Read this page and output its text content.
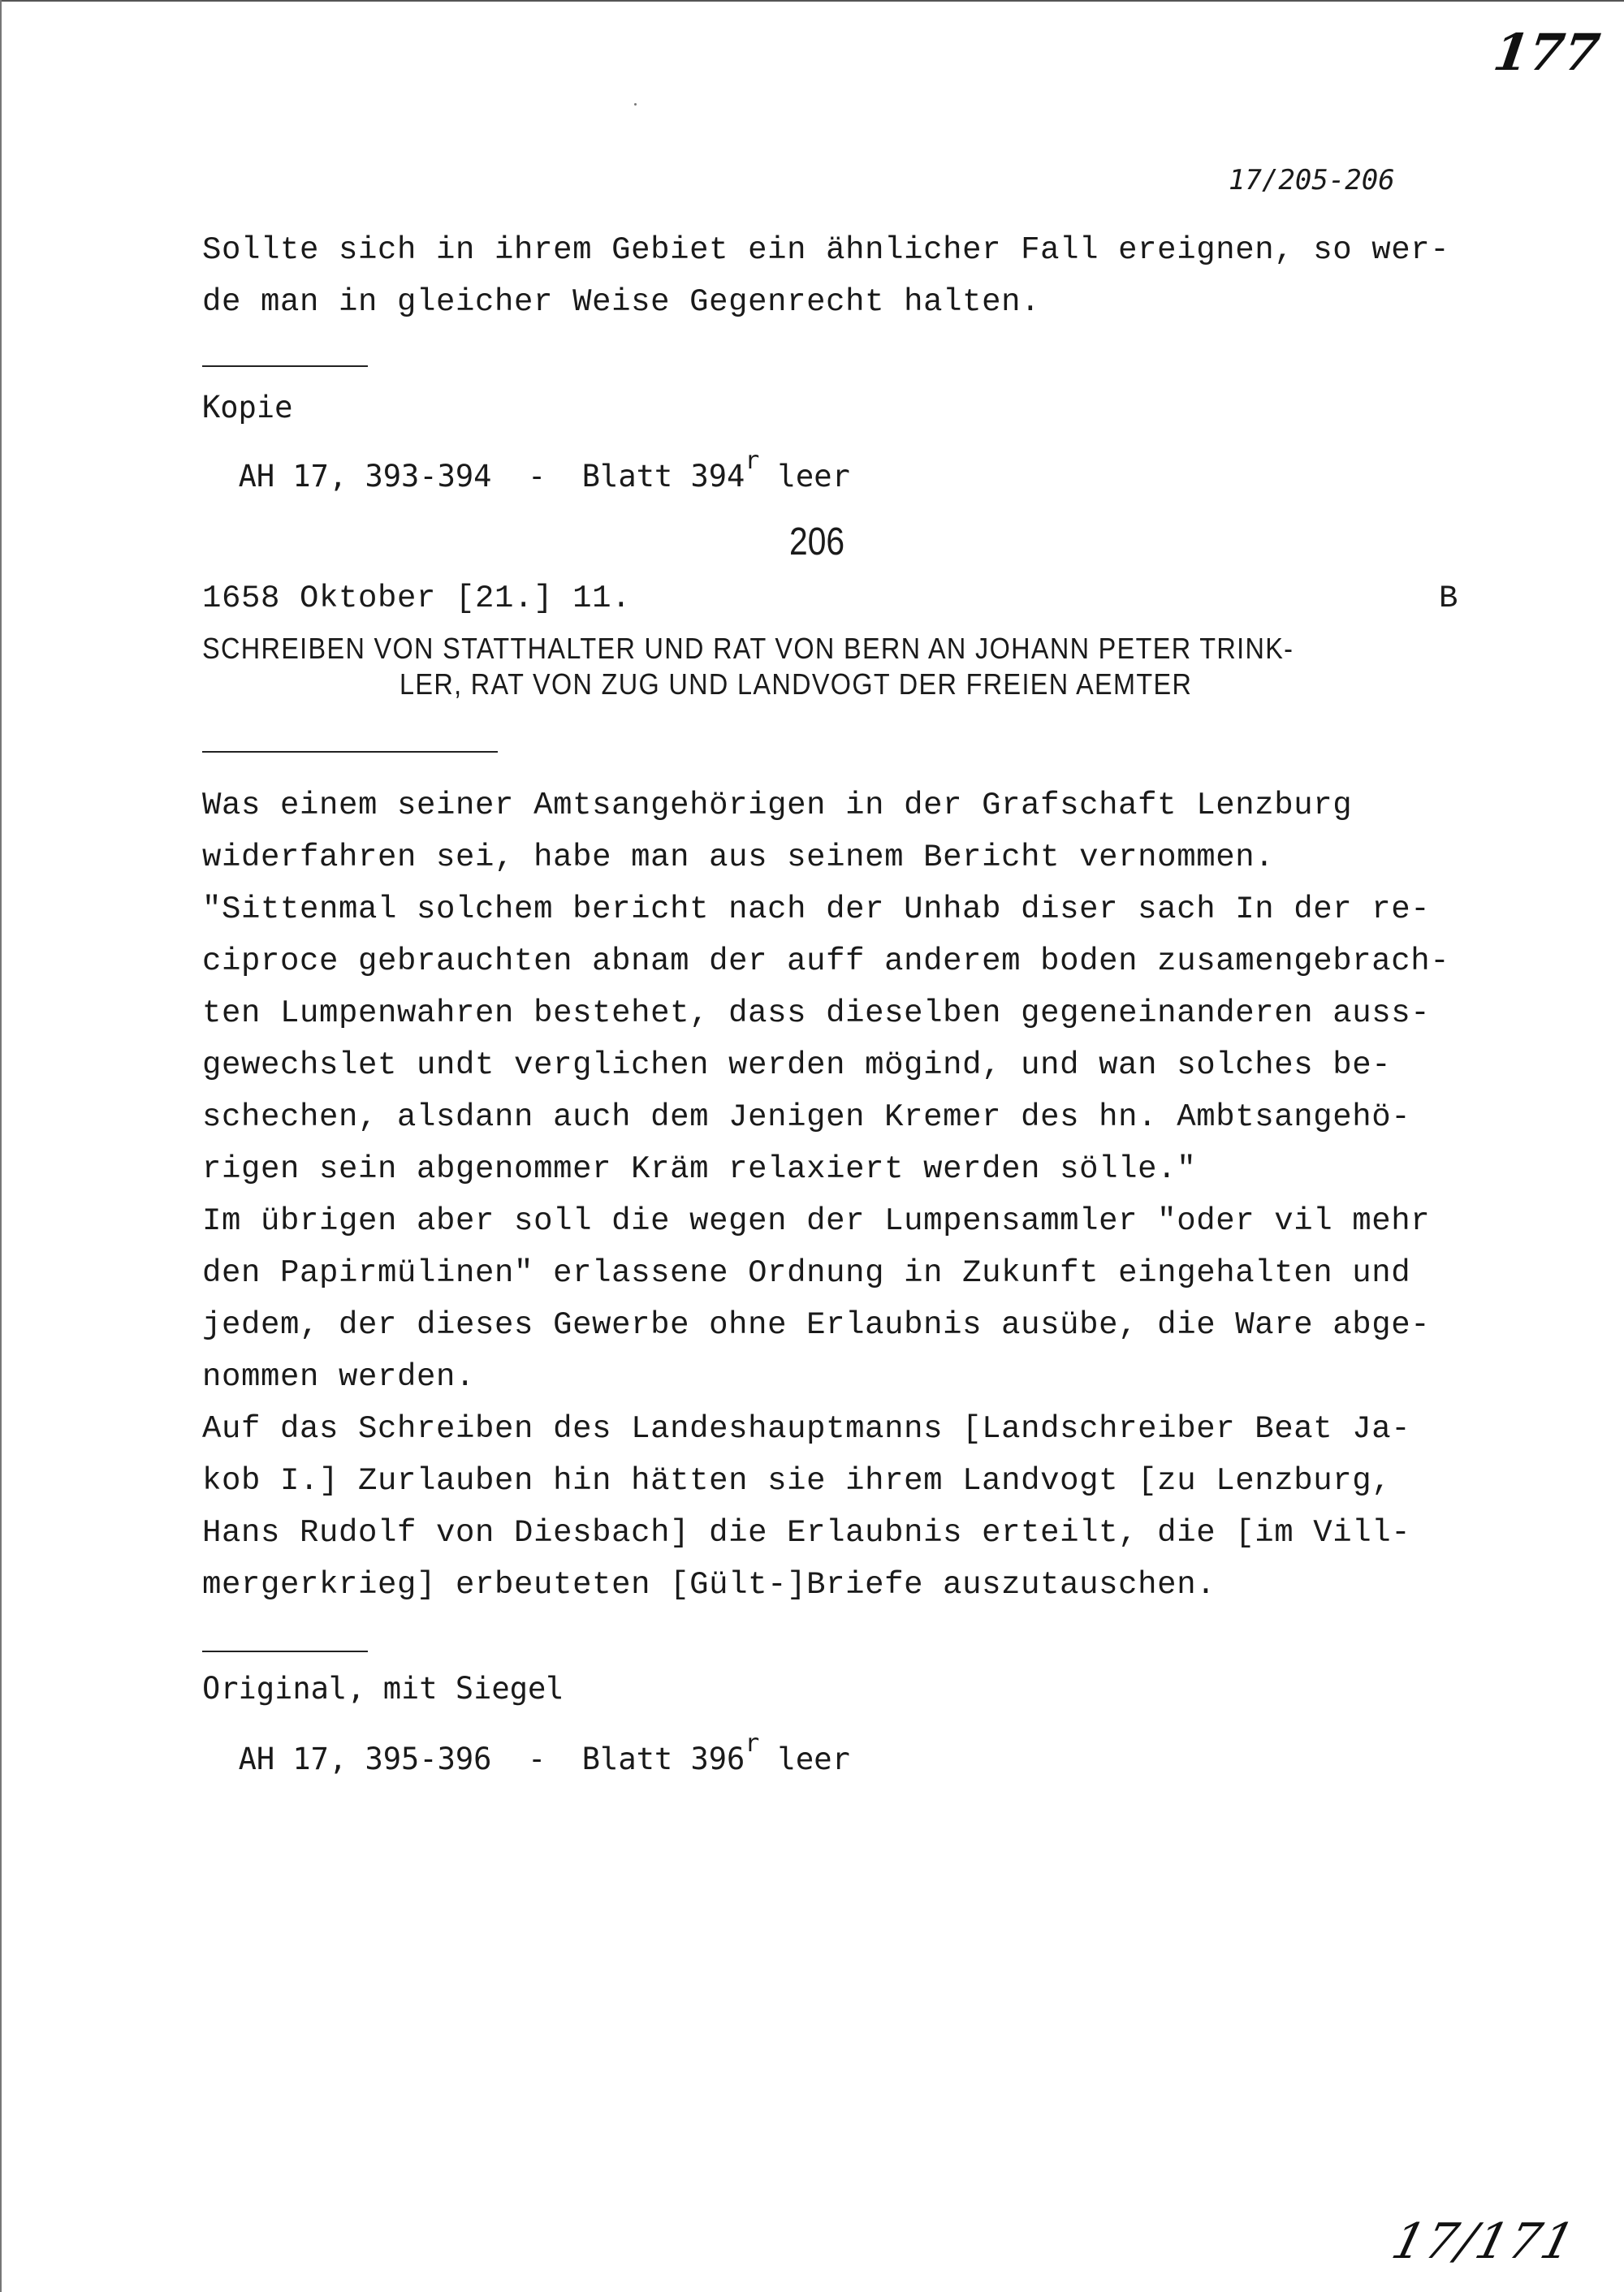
177
17/205-206
Sollte sich in ihrem Gebiet ein ähnlicher Fall ereignen, so wer-
de man in gleicher Weise Gegenrecht halten.
Kopie

AH 17, 393-394  -  Blatt 394$^r$ leer

206
1658 Oktober [21.] 11.	B
SCHREIBEN VON STATTHALTER UND RAT VON BERN AN JOHANN PETER TRINK-
LER, RAT VON ZUG UND LANDVOGT DER FREIEN AEMTER
Was einem seiner Amtsangehörigen in der Grafschaft Lenzburg
widerfahren sei, habe man aus seinem Bericht vernommen.
"Sittenmal solchem bericht nach der Unhab diser sach In der re-
ciproce gebrauchten abnam der auff anderem boden zusamengebrach-
ten Lumpenwahren bestehet, dass dieselben gegeneinanderen auss-
gewechslet undt verglichen werden mögind, und wan solches be-
schechen, alsdann auch dem Jenigen Kremer des hn. Ambtsangehö-
rigen sein abgenommer Kräm relaxiert werden sölle."
Im übrigen aber soll die wegen der Lumpensammler "oder vil mehr
den Papirmülinen" erlassene Ordnung in Zukunft eingehalten und
jedem, der dieses Gewerbe ohne Erlaubnis ausübe, die Ware abge-
nommen werden.
Auf das Schreiben des Landeshauptmanns [Landschreiber Beat Ja-
kob I.] Zurlauben hin hätten sie ihrem Landvogt [zu Lenzburg,
Hans Rudolf von Diesbach] die Erlaubnis erteilt, die [im Vill-
mergerkrieg] erbeuteten [Gült-]Briefe auszutauschen.
Original, mit Siegel

AH 17, 395-396  -  Blatt 396$^r$ leer

17/171
